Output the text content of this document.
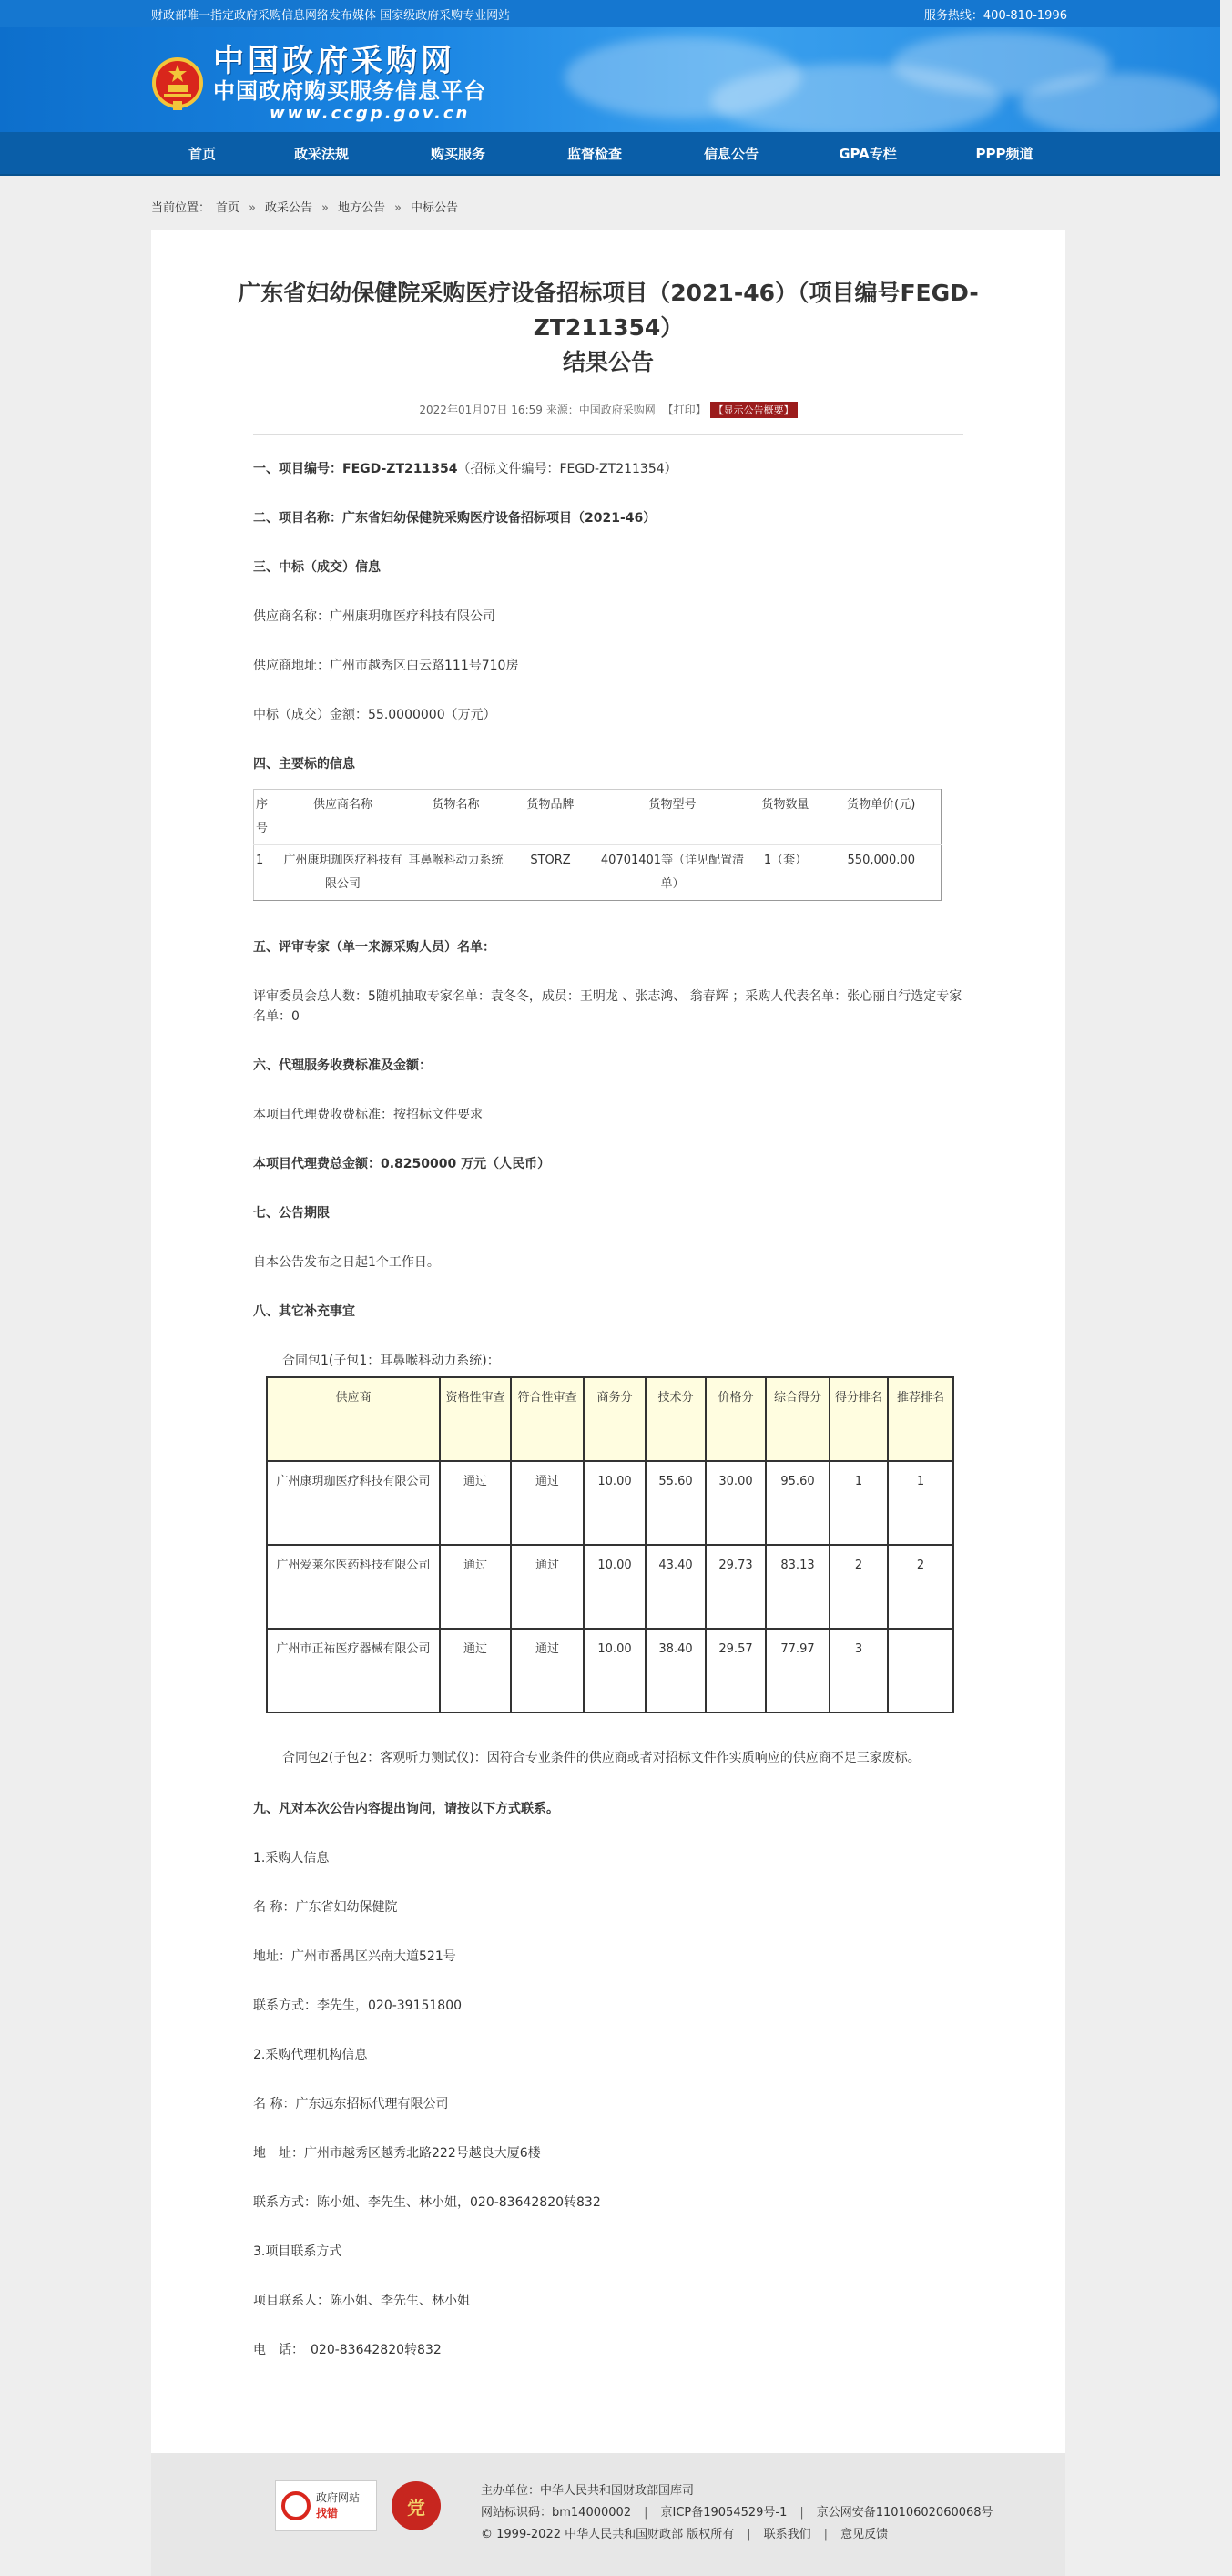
财政部唯一指定政府采购信息网络发布媒体 国家级政府采购专业网站	服务热线：400-810-1996
中国政府采购网
中国政府购买服务信息平台
www.ccgp.gov.cn
首页	政采法规	购买服务	监督检查	信息公告	GPA专栏	PPP频道
当前位置： 首页 » 政采公告 » 地方公告 » 中标公告
广东省妇幼保健院采购医疗设备招标项目（2021-46）（项目编号FEGD-ZT211354）
结果公告
2022年01月07日 16:59 来源：中国政府采购网 【打印】 【显示公告概要】

一、项目编号：FEGD-ZT211354（招标文件编号：FEGD-ZT211354）

二、项目名称：广东省妇幼保健院采购医疗设备招标项目（2021-46）

三、中标（成交）信息

供应商名称：广州康玥珈医疗科技有限公司

供应商地址：广州市越秀区白云路111号710房

中标（成交）金额：55.0000000（万元）

四、主要标的信息

序号	供应商名称	货物名称	货物品牌	货物型号	货物数量	货物单价(元)
1	广州康玥珈医疗科技有限公司	耳鼻喉科动力系统	STORZ	40701401等（详见配置清单）	1（套）	550,000.00

五、评审专家（单一来源采购人员）名单：

评审委员会总人数：5随机抽取专家名单：袁冬冬，成员：王明龙 、张志鸿、 翁春辉 ；采购人代表名单：张心丽自行选定专家名单：0

六、代理服务收费标准及金额：

本项目代理费收费标准：按招标文件要求

本项目代理费总金额：0.8250000 万元（人民币）

七、公告期限

自本公告发布之日起1个工作日。

八、其它补充事宜

合同包1(子包1：耳鼻喉科动力系统)：

供应商	资格性审查	符合性审查	商务分	技术分	价格分	综合得分	得分排名	推荐排名
广州康玥珈医疗科技有限公司	通过	通过	10.00	55.60	30.00	95.60	1	1
广州爱莱尔医药科技有限公司	通过	通过	10.00	43.40	29.73	83.13	2	2
广州市正祐医疗器械有限公司	通过	通过	10.00	38.40	29.57	77.97	3	

合同包2(子包2：客观听力测试仪)：因符合专业条件的供应商或者对招标文件作实质响应的供应商不足三家废标。

九、凡对本次公告内容提出询问，请按以下方式联系。

1.采购人信息

名 称：广东省妇幼保健院

地址：广州市番禺区兴南大道521号

联系方式：李先生，020-39151800

2.采购代理机构信息

名 称：广东远东招标代理有限公司

地　址：广州市越秀区越秀北路222号越良大厦6楼

联系方式：陈小姐、李先生、林小姐，020-83642820转832

3.项目联系方式

项目联系人：陈小姐、李先生、林小姐

电　话：　020-83642820转832

政府网站
找错	党
主办单位：中华人民共和国财政部国库司
网站标识码：bm14000002 | 京ICP备19054529号-1 | 京公网安备11010602060068号
© 1999-2022 中华人民共和国财政部 版权所有 | 联系我们 | 意见反馈
